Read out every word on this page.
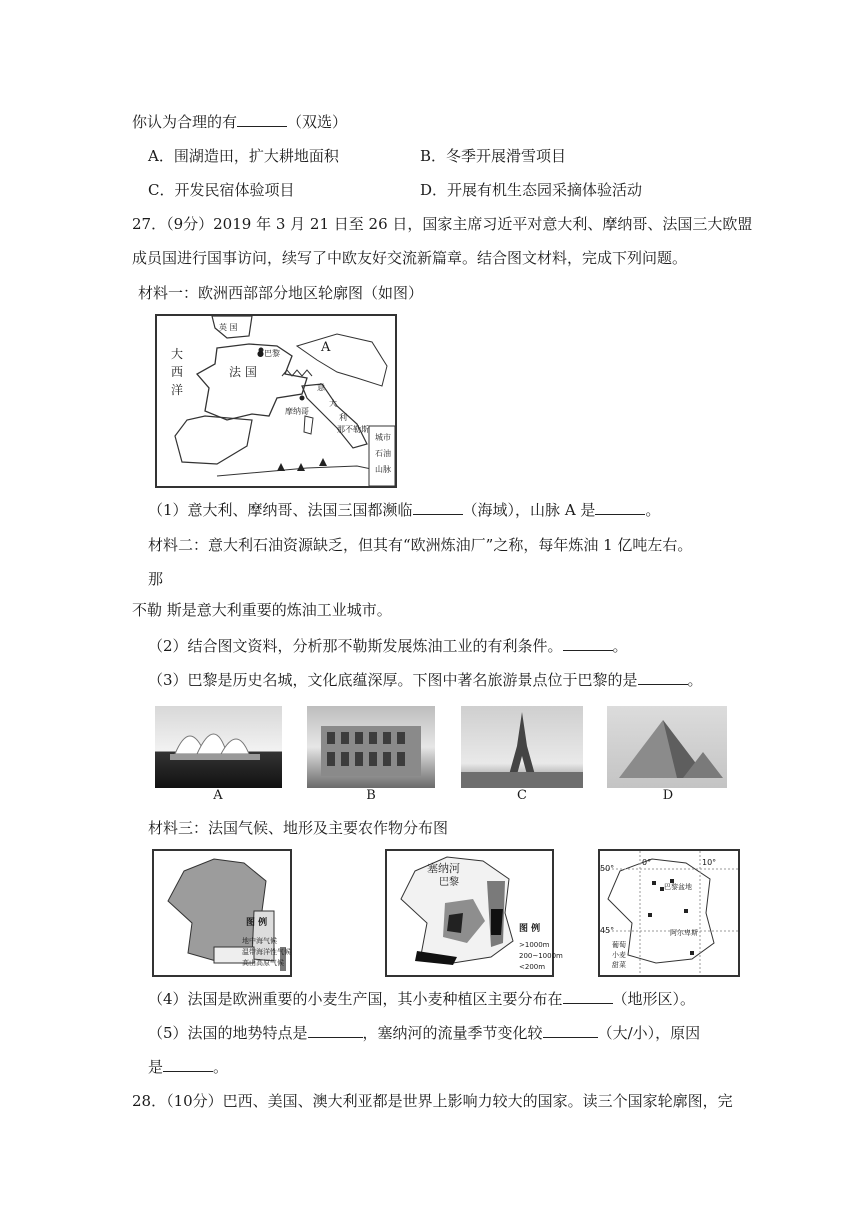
你认为合理的有	（双选）
A．围湖造田，扩大耕地面积	B．冬季开展滑雪项目
C．开发民宿体验项目	D．开展有机生态园采摘体验活动
27．（9分）2019 年 3 月 21 日至 26 日，国家主席习近平对意大利、摩纳哥、法国三大欧盟
成员国进行国事访问，续写了中欧友好交流新篇章。结合图文材料，完成下列问题。
材料一：欧洲西部部分地区轮廓图（如图）
英 国
●巴黎
大
西
洋
法 国
A
意
大
利
摩纳哥
那不勒斯
城市
石油
山脉
（1）意大利、摩纳哥、法国三国都濒临	（海域），山脉 A 是	。
材料二：意大利石油资源缺乏，但其有“欧洲炼油厂”之称，每年炼油 1 亿吨左右。
那
不勒 斯是意大利重要的炼油工业城市。
（2）结合图文资料，分析那不勒斯发展炼油工业的有利条件。	。
（3）巴黎是历史名城，文化底蕴深厚。下图中著名旅游景点位于巴黎的是	。
A	B	C	D
材料三：法国气候、地形及主要农作物分布图
图 例
地中海气候
温带海洋性气候
高山高原气候
塞纳河
巴黎
图 例
>1000m
200~1000m
<200m
50°
10°
45°
0°
巴黎盆地
阿尔卑斯
葡萄
小麦
甜菜
（4）法国是欧洲重要的小麦生产国，其小麦种植区主要分布在	（地形区）。
（5）法国的地势特点是	，塞纳河的流量季节变化较	（大/小），原因
是	。
28．（10分）巴西、美国、澳大利亚都是世界上影响力较大的国家。读三个国家轮廓图，完
